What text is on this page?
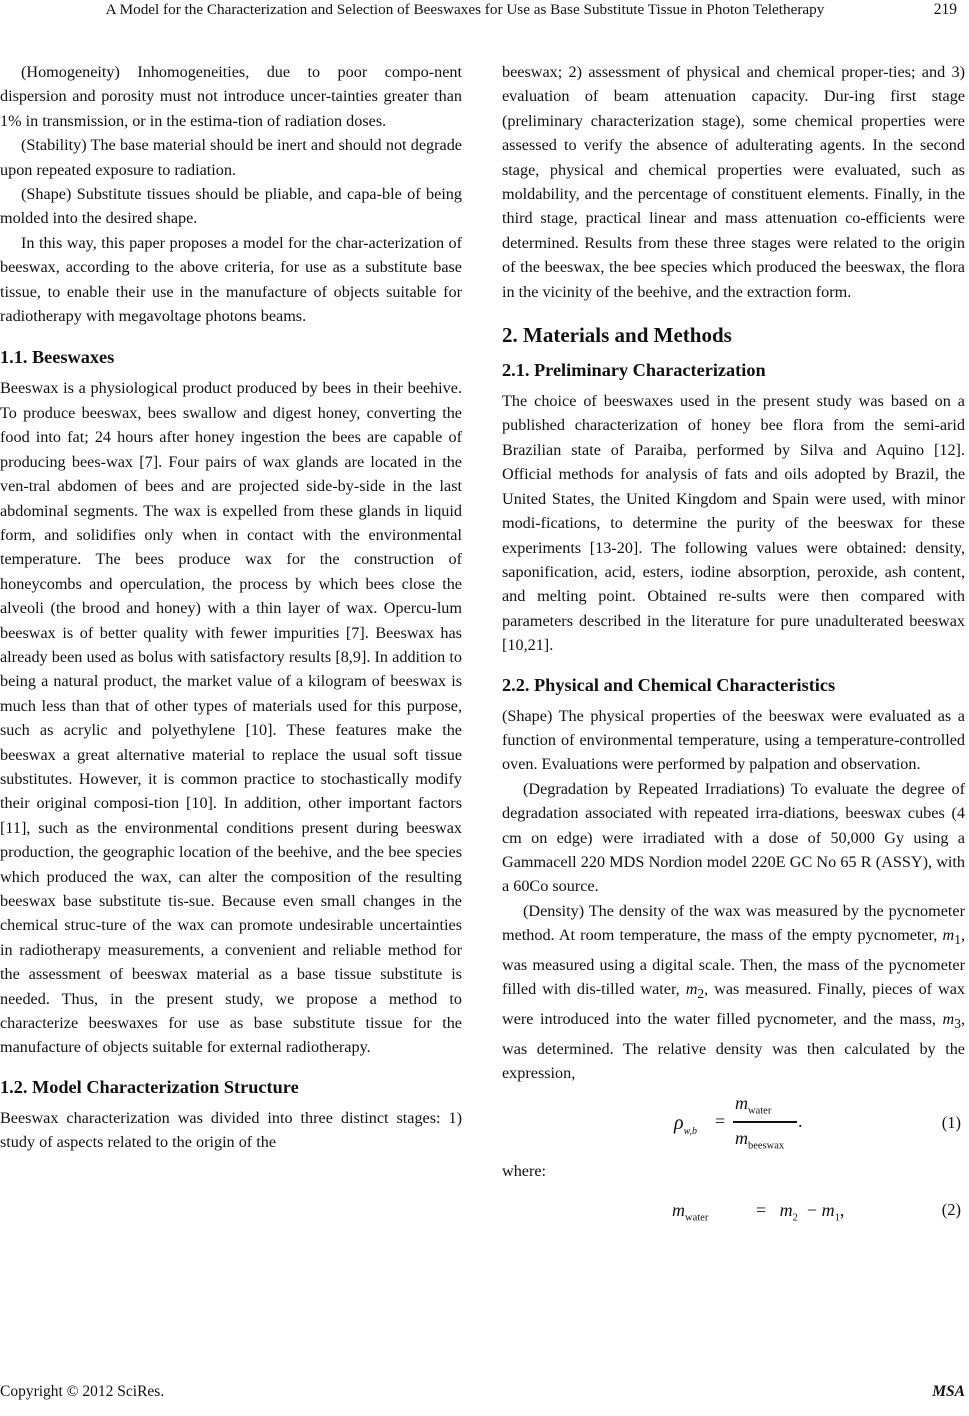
A Model for the Characterization and Selection of Beeswaxes for Use as Base Substitute Tissue in Photon Teletherapy	219

(Homogeneity) Inhomogeneities, due to poor compo-nent dispersion and porosity must not introduce uncer-tainties greater than 1% in transmission, or in the estima-tion of radiation doses.

(Stability) The base material should be inert and should not degrade upon repeated exposure to radiation.

(Shape) Substitute tissues should be pliable, and capa-ble of being molded into the desired shape.

In this way, this paper proposes a model for the char-acterization of beeswax, according to the above criteria, for use as a substitute base tissue, to enable their use in the manufacture of objects suitable for radiotherapy with megavoltage photons beams.

1.1. Beeswaxes

Beeswax is a physiological product produced by bees in their beehive. To produce beeswax, bees swallow and digest honey, converting the food into fat; 24 hours after honey ingestion the bees are capable of producing bees-wax [7]. Four pairs of wax glands are located in the ven-tral abdomen of bees and are projected side-by-side in the last abdominal segments. The wax is expelled from these glands in liquid form, and solidifies only when in contact with the environmental temperature. The bees produce wax for the construction of honeycombs and operculation, the process by which bees close the alveoli (the brood and honey) with a thin layer of wax. Opercu-lum beeswax is of better quality with fewer impurities [7]. Beeswax has already been used as bolus with satisfactory results [8,9]. In addition to being a natural product, the market value of a kilogram of beeswax is much less than that of other types of materials used for this purpose, such as acrylic and polyethylene [10]. These features make the beeswax a great alternative material to replace the usual soft tissue substitutes. However, it is common practice to stochastically modify their original composi-tion [10]. In addition, other important factors [11], such as the environmental conditions present during beeswax production, the geographic location of the beehive, and the bee species which produced the wax, can alter the composition of the resulting beeswax base substitute tis-sue. Because even small changes in the chemical struc-ture of the wax can promote undesirable uncertainties in radiotherapy measurements, a convenient and reliable method for the assessment of beeswax material as a base tissue substitute is needed. Thus, in the present study, we propose a method to characterize beeswaxes for use as base substitute tissue for the manufacture of objects suitable for external radiotherapy.

1.2. Model Characterization Structure

Beeswax characterization was divided into three distinct stages: 1) study of aspects related to the origin of the

beeswax; 2) assessment of physical and chemical proper-ties; and 3) evaluation of beam attenuation capacity. Dur-ing first stage (preliminary characterization stage), some chemical properties were assessed to verify the absence of adulterating agents. In the second stage, physical and chemical properties were evaluated, such as moldability, and the percentage of constituent elements. Finally, in the third stage, practical linear and mass attenuation co-efficients were determined. Results from these three stages were related to the origin of the beeswax, the bee species which produced the beeswax, the flora in the vicinity of the beehive, and the extraction form.

2. Materials and Methods
2.1. Preliminary Characterization

The choice of beeswaxes used in the present study was based on a published characterization of honey bee flora from the semi-arid Brazilian state of Paraiba, performed by Silva and Aquino [12]. Official methods for analysis of fats and oils adopted by Brazil, the United States, the United Kingdom and Spain were used, with minor modi-fications, to determine the purity of the beeswax for these experiments [13-20]. The following values were obtained: density, saponification, acid, esters, iodine absorption, peroxide, ash content, and melting point. Obtained re-sults were then compared with parameters described in the literature for pure unadulterated beeswax [10,21].

2.2. Physical and Chemical Characteristics

(Shape) The physical properties of the beeswax were evaluated as a function of environmental temperature, using a temperature-controlled oven. Evaluations were performed by palpation and observation.

(Degradation by Repeated Irradiations) To evaluate the degree of degradation associated with repeated irra-diations, beeswax cubes (4 cm on edge) were irradiated with a dose of 50,000 Gy using a Gammacell 220 MDS Nordion model 220E GC No 65 R (ASSY), with a 60Co source.

(Density) The density of the wax was measured by the pycnometer method. At room temperature, the mass of the empty pycnometer, $m_1$, was measured using a digital scale. Then, the mass of the pycnometer filled with dis-tilled water, $m_2$, was measured. Finally, pieces of wax were introduced into the water filled pycnometer, and the mass, $m_3$, was determined. The relative density was then calculated by the expression,

$\rho_{w,b}$
=
$m_{water}$
$m_{beeswax}$
.	(1)

where:

$m_{water}$	= $m_2 - m_1$,	(2)
Copyright © 2012 SciRes.	MSA
